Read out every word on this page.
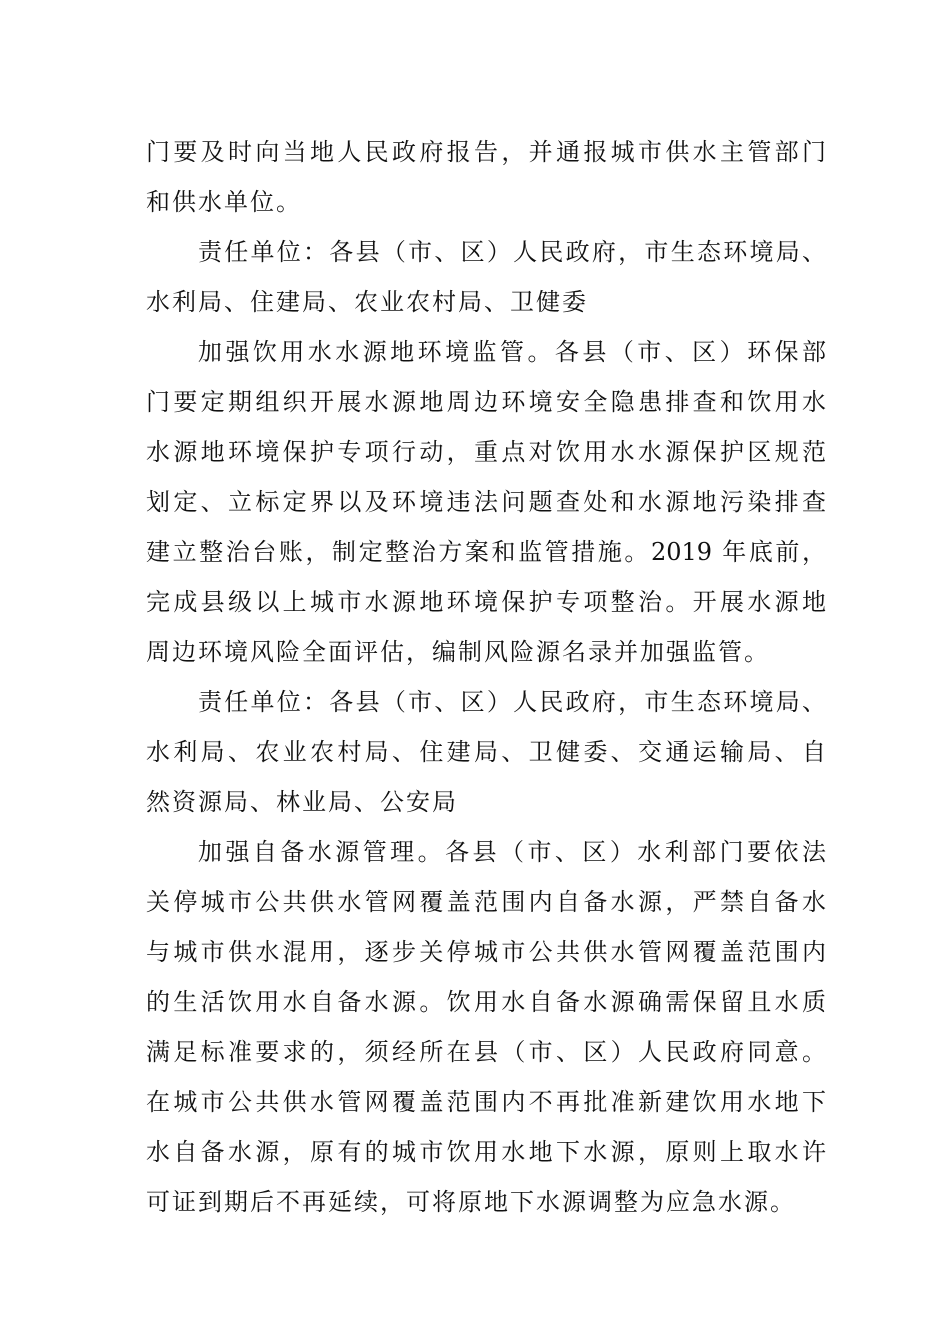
门要及时向当地人民政府报告，并通报城市供水主管部门
和供水单位。
责任单位：各县（市、区）人民政府，市生态环境局、
水利局、住建局、农业农村局、卫健委
加强饮用水水源地环境监管。各县（市、区）环保部
门要定期组织开展水源地周边环境安全隐患排查和饮用水
水源地环境保护专项行动，重点对饮用水水源保护区规范
划定、立标定界以及环境违法问题查处和水源地污染排查
建立整治台账，制定整治方案和监管措施。2019 年底前，
完成县级以上城市水源地环境保护专项整治。开展水源地
周边环境风险全面评估，编制风险源名录并加强监管。
责任单位：各县（市、区）人民政府，市生态环境局、
水利局、农业农村局、住建局、卫健委、交通运输局、自
然资源局、林业局、公安局
加强自备水源管理。各县（市、区）水利部门要依法
关停城市公共供水管网覆盖范围内自备水源，严禁自备水
与城市供水混用，逐步关停城市公共供水管网覆盖范围内
的生活饮用水自备水源。饮用水自备水源确需保留且水质
满足标准要求的，须经所在县（市、区）人民政府同意。
在城市公共供水管网覆盖范围内不再批准新建饮用水地下
水自备水源，原有的城市饮用水地下水源，原则上取水许
可证到期后不再延续，可将原地下水源调整为应急水源。
